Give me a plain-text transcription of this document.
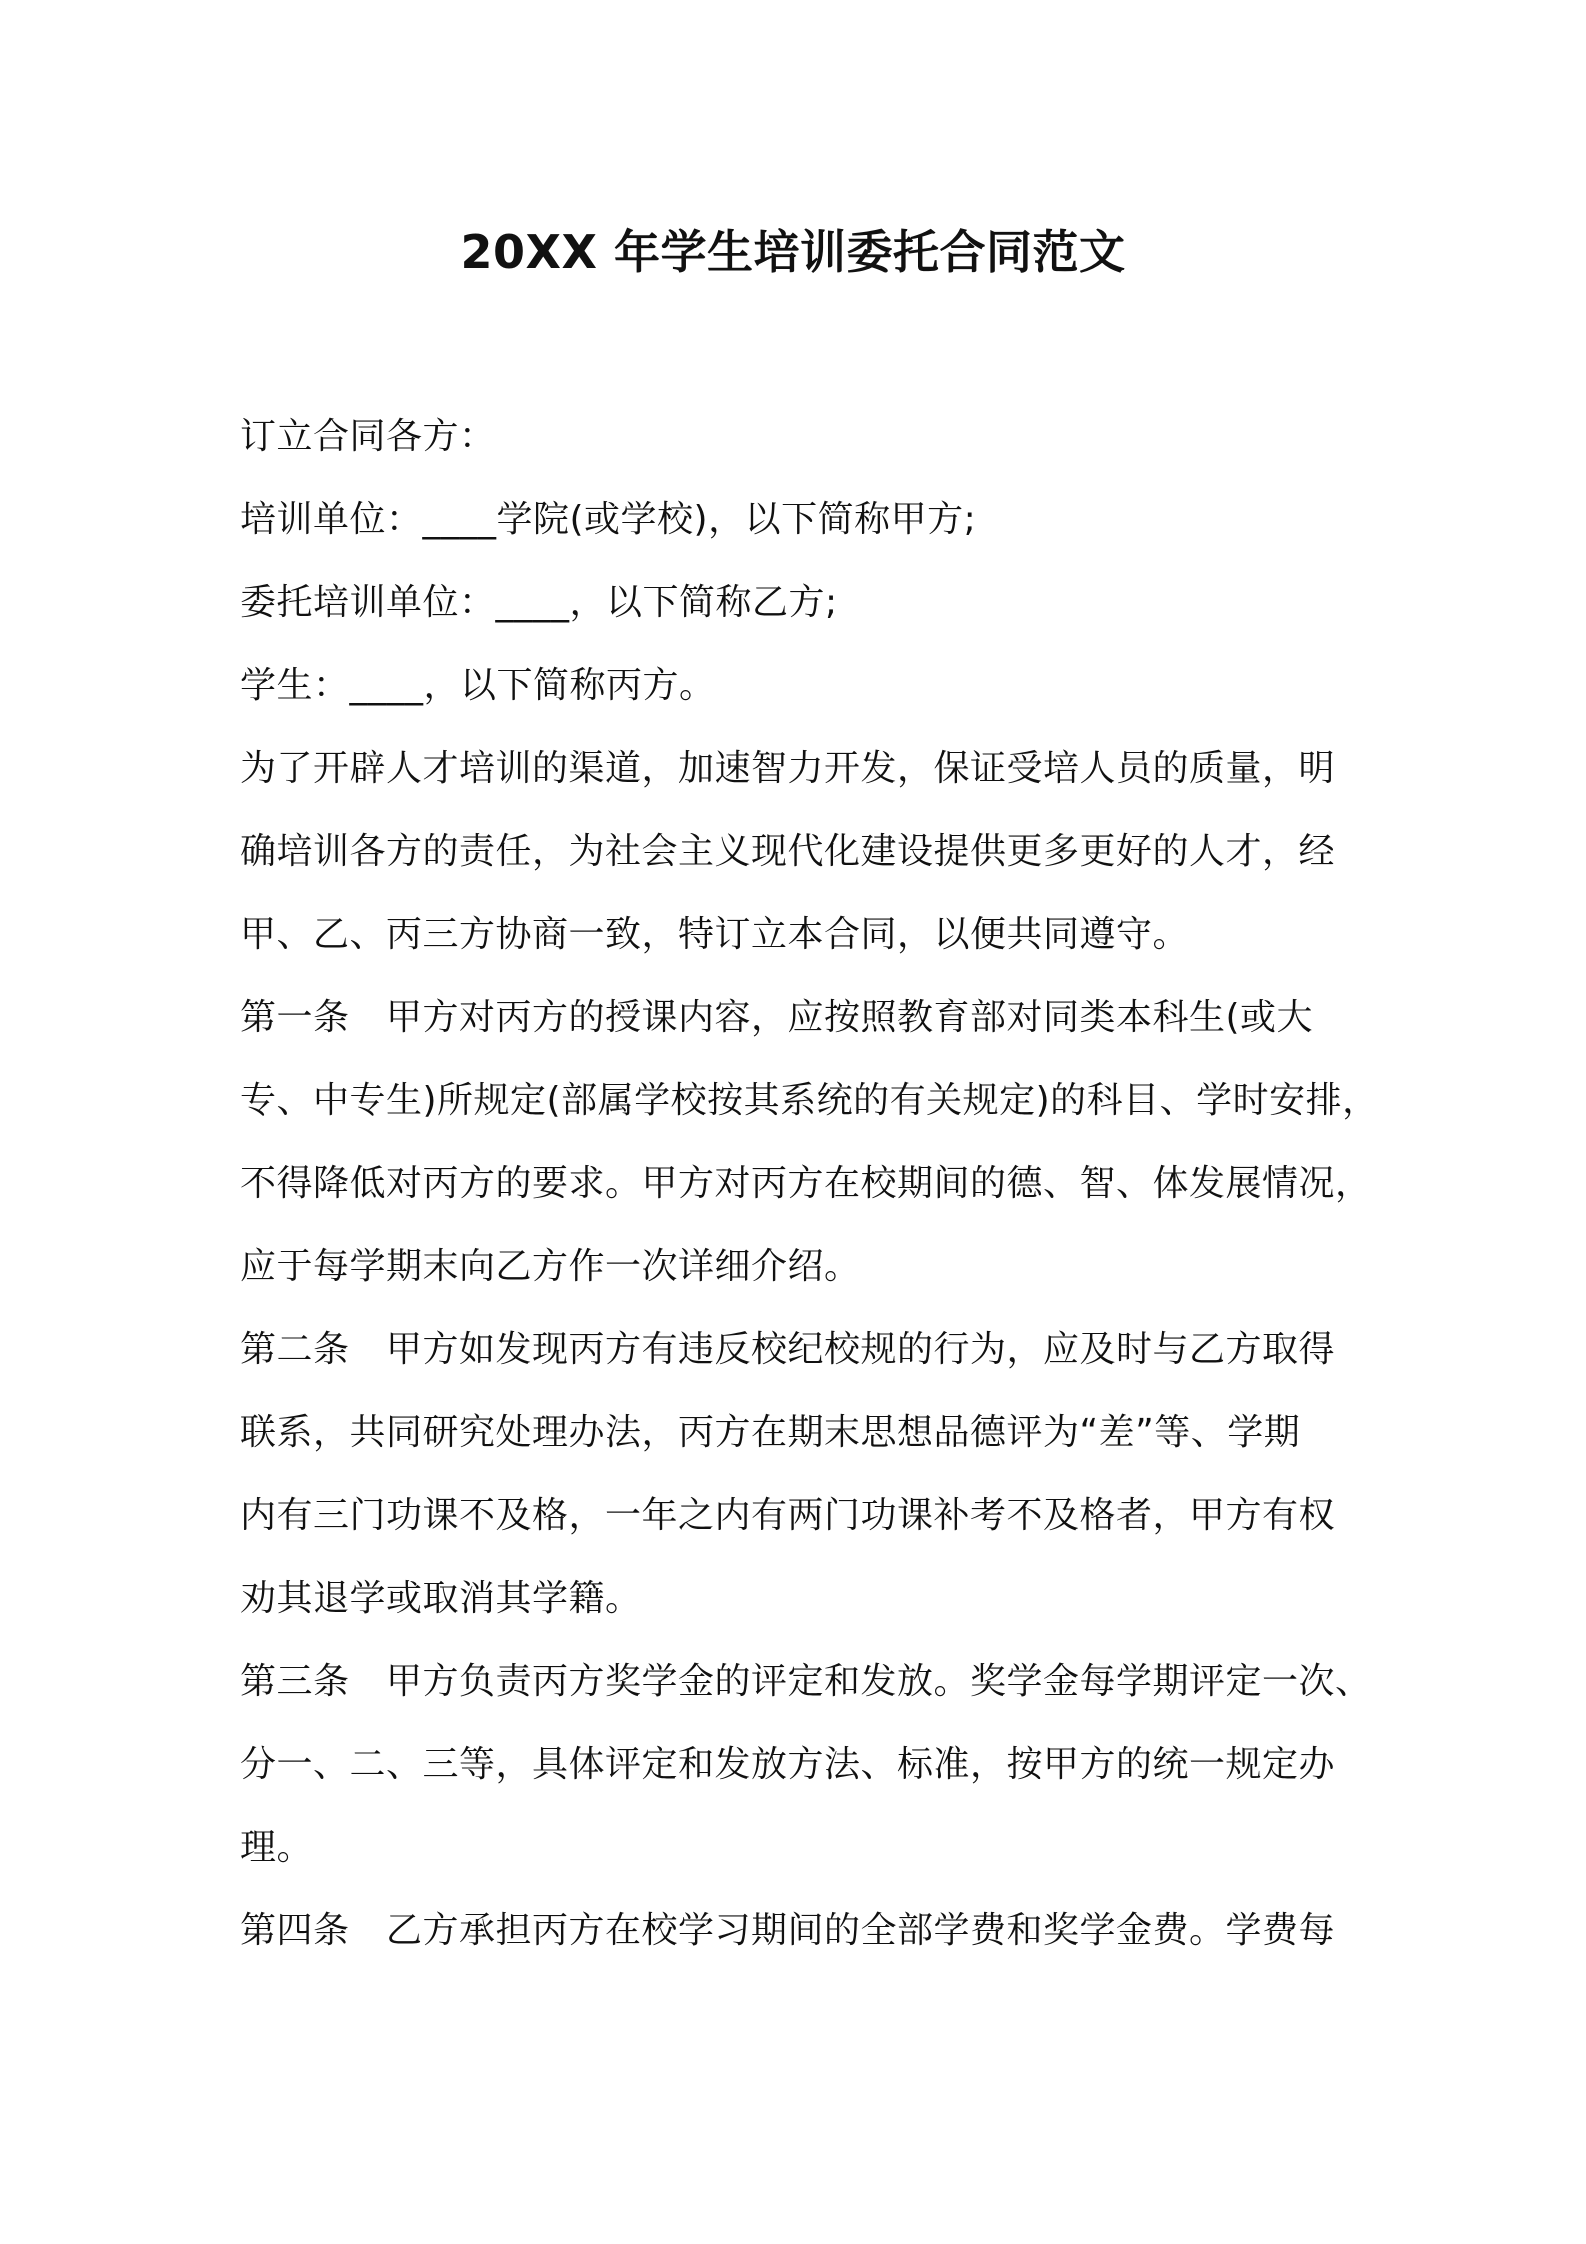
20XX 年学生培训委托合同范文
订立合同各方：
培训单位：____学院(或学校)，以下简称甲方;
委托培训单位：____，以下简称乙方;
学生：____，以下简称丙方。
为了开辟人才培训的渠道，加速智力开发，保证受培人员的质量，明
确培训各方的责任，为社会主义现代化建设提供更多更好的人才，经
甲、乙、丙三方协商一致，特订立本合同，以便共同遵守。
第一条　甲方对丙方的授课内容，应按照教育部对同类本科生(或大
专、中专生)所规定(部属学校按其系统的有关规定)的科目、学时安排，
不得降低对丙方的要求。甲方对丙方在校期间的德、智、体发展情况，
应于每学期末向乙方作一次详细介绍。
第二条　甲方如发现丙方有违反校纪校规的行为，应及时与乙方取得
联系，共同研究处理办法，丙方在期末思想品德评为“差”等、学期
内有三门功课不及格，一年之内有两门功课补考不及格者，甲方有权
劝其退学或取消其学籍。
第三条　甲方负责丙方奖学金的评定和发放。奖学金每学期评定一次、
分一、二、三等，具体评定和发放方法、标准，按甲方的统一规定办
理。
第四条　乙方承担丙方在校学习期间的全部学费和奖学金费。学费每
